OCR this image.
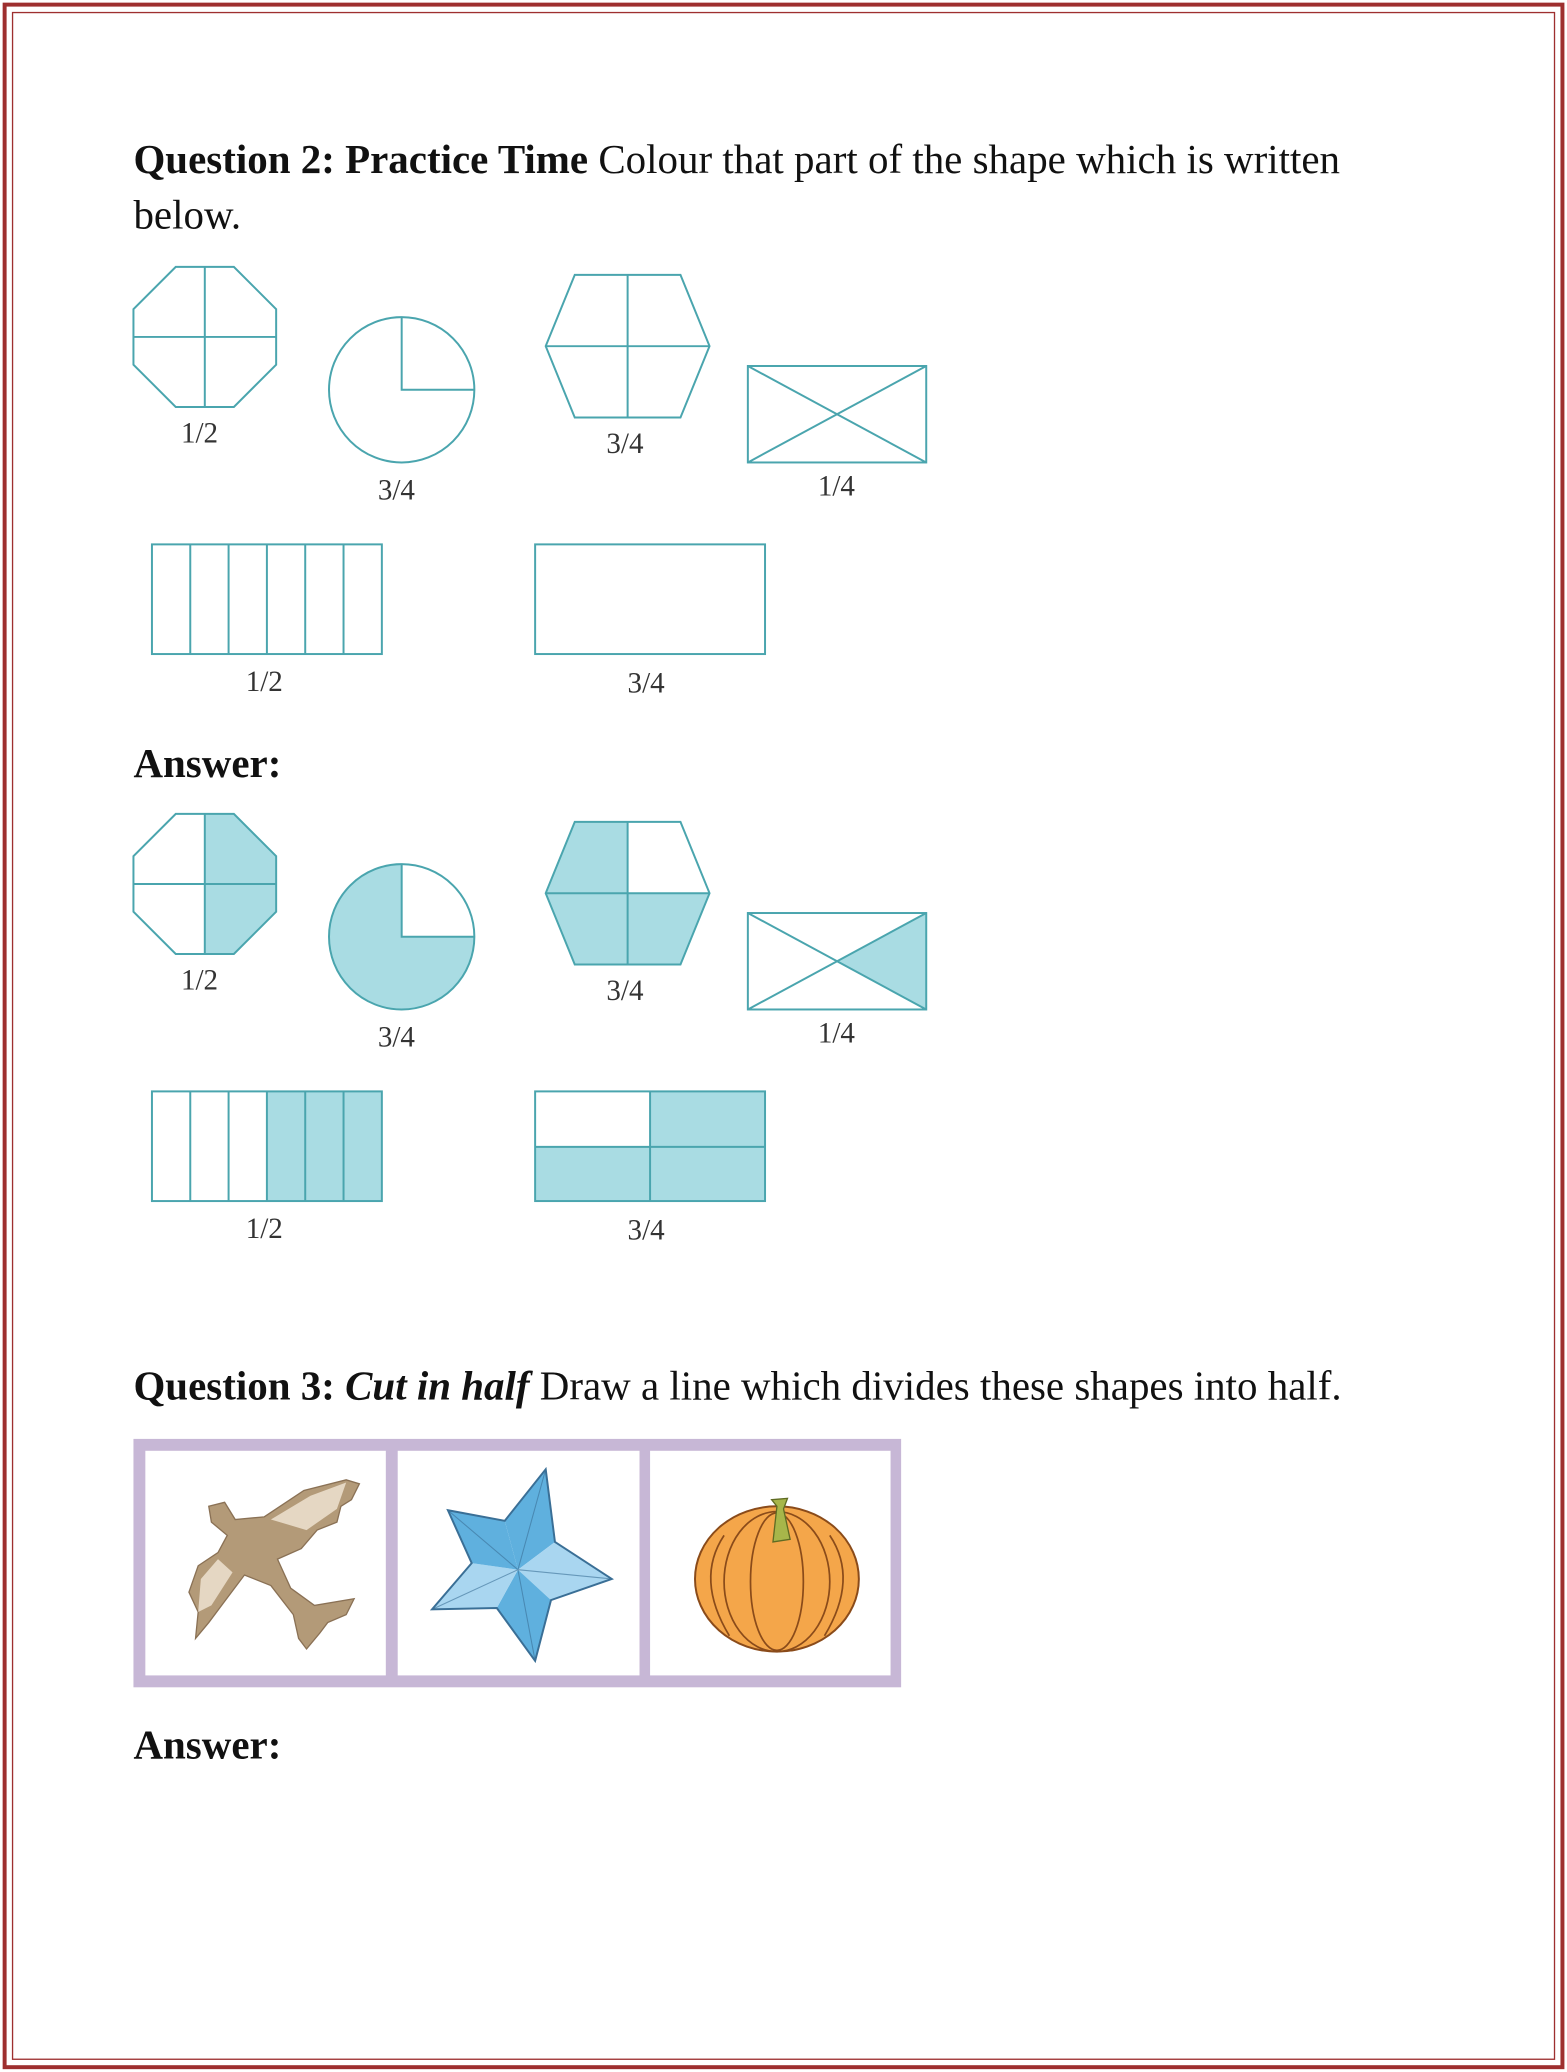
Question 2: Practice Time Colour that part of the shape which is written below.
1/2
3/4
3/4
1/4
1/2	3/4
1/2
3/4
3/4
1/4
1/2	3/4
Answer:
Question 3: Cut in half Draw a line which divides these shapes into half.
Answer:
